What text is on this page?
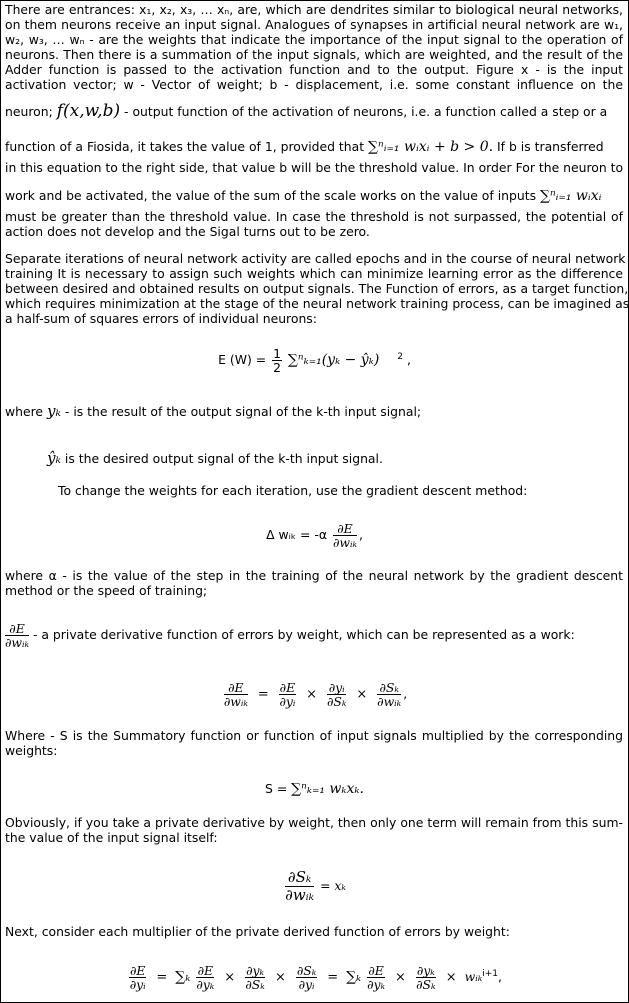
There are entrances: x₁, x₂, x₃, … xₙ, are, which are dendrites similar to biological neural networks,
on them neurons receive an input signal. Analogues of synapses in artificial neural network are w₁,
w₂, w₃, … wₙ - are the weights that indicate the importance of the input signal to the operation of
neurons. Then there is a summation of the input signals, which are weighted, and the result of the
Adder function is passed to the activation function and to the output. Figure x - is the input
activation vector; w - Vector of weight; b - displacement, i.e. some constant influence on the
neuron; f(x,w,b) - output function of the activation of neurons, i.e. a function called a step or a
function of a Fiosida, it takes the value of 1, provided that ∑ⁿᵢ₌₁ wᵢxᵢ + b > 0. If b is transferred
in this equation to the right side, that value b will be the threshold value. In order For the neuron to
work and be activated, the value of the sum of the scale works on the value of inputs ∑ⁿᵢ₌₁ wᵢxᵢ
must be greater than the threshold value. In case the threshold is not surpassed, the potential of
action does not develop and the Sigal turns out to be zero.
Separate iterations of neural network activity are called epochs and in the course of neural network
training It is necessary to assign such weights which can minimize learning error as the difference
between desired and obtained results on output signals. The Function of errors, as a target function,
which requires minimization at the stage of the neural network training process, can be imagined as
a half-sum of squares errors of individual neurons:
E $(W) = \frac{1}{2} \sum^n_{k=1}(y_k$ − ŷₖ) $^2$ ,
where yₖ - is the result of the output signal of the k-th input signal;
ŷₖ is the desired output signal of the k-th input signal.
To change the weights for each iteration, use the gradient descent method:
Δ wᵢₖ = $-\alpha \frac{\partial E}{\text{∂wᵢₖ}}$ ,
where α - is the value of the step in the training of the neural network by the gradient descent
method or the speed of training;
$\frac{\partial E}{\text{∂wᵢₖ}}$ - a private derivative function of errors by weight, which can be represented as a work:
$\frac{\partial E}{\text{∂wᵢₖ}} = \frac{\partial E}{\text{∂yᵢ}} \times \frac{\text{∂yᵢ}}{\text{∂Sₖ}} \times \frac{\text{∂Sₖ}}{\text{∂wᵢₖ}}$ ,
Where - S is the Summatory function or function of input signals multiplied by the corresponding
weights:
S = ∑ⁿₖ₌₁ wₖxₖ.
Obviously, if you take a private derivative by weight, then only one term will remain from this sum-
the value of the input signal itself:
$\frac{\text{∂Sₖ}}{\text{∂wᵢₖ}} = x_k$
Next, consider each multiplier of the private derived function of errors by weight:
$\frac{\partial E}{\text{∂yᵢ}} = \sum_k \frac{\partial E}{\text{∂yₖ}} \times \frac{\text{∂yₖ}}{\text{∂Sₖ}} \times \frac{\text{∂Sₖ}}{\text{∂yᵢ}} = \sum_k \frac{\partial E}{\text{∂yₖ}} \times \frac{\text{∂yₖ}}{\text{∂Sₖ}}$ × wᵢₖ$^{i+1}$,
